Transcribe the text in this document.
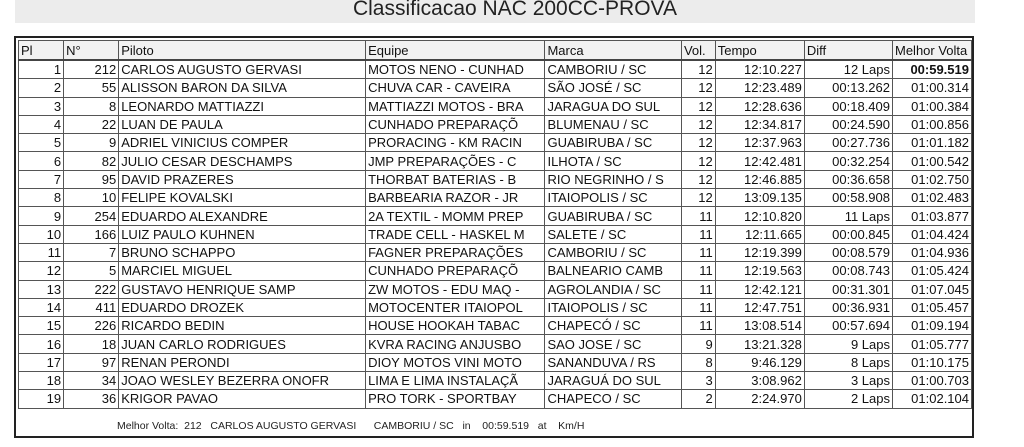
Classificacao NAC 200CC-PROVA
Pl	N°	Piloto	Equipe	Marca	Vol.	Tempo	Diff	Melhor Volta
1	212	CARLOS AUGUSTO GERVASI	MOTOS NENO - CUNHAD	CAMBORIU / SC	12	12:10.227	12 Laps	00:59.519
2	55	ALISSON BARON DA SILVA	CHUVA CAR - CAVEIRA	SÃO JOSÉ / SC	12	12:23.489	00:13.262	01:00.314
3	8	LEONARDO MATTIAZZI	MATTIAZZI MOTOS - BRA	JARAGUA DO SUL	12	12:28.636	00:18.409	01:00.384
4	22	LUAN DE PAULA	CUNHADO PREPARAÇÕ	BLUMENAU / SC	12	12:34.817	00:24.590	01:00.856
5	9	ADRIEL VINICIUS COMPER	PRORACING - KM RACIN	GUABIRUBA / SC	12	12:37.963	00:27.736	01:01.182
6	82	JULIO CESAR DESCHAMPS	JMP PREPARAÇÕES - C	ILHOTA / SC	12	12:42.481	00:32.254	01:00.542
7	95	DAVID PRAZERES	THORBAT BATERIAS - B	RIO NEGRINHO / S	12	12:46.885	00:36.658	01:02.750
8	10	FELIPE KOVALSKI	BARBEARIA RAZOR - JR	ITAIOPOLIS / SC	12	13:09.135	00:58.908	01:02.483
9	254	EDUARDO ALEXANDRE	2A TEXTIL - MOMM PREP	GUABIRUBA / SC	11	12:10.820	11 Laps	01:03.877
10	166	LUIZ PAULO KUHNEN	TRADE CELL - HASKEL M	SALETE / SC	11	12:11.665	00:00.845	01:04.424
11	7	BRUNO SCHAPPO	FAGNER PREPARAÇÕES	CAMBORIU / SC	11	12:19.399	00:08.579	01:04.936
12	5	MARCIEL MIGUEL	CUNHADO PREPARAÇÕ	BALNEARIO CAMB	11	12:19.563	00:08.743	01:05.424
13	222	GUSTAVO HENRIQUE SAMP	ZW MOTOS - EDU MAQ -	AGROLANDIA / SC	11	12:42.121	00:31.301	01:07.045
14	411	EDUARDO DROZEK	MOTOCENTER ITAIOPOL	ITAIOPOLIS / SC	11	12:47.751	00:36.931	01:05.457
15	226	RICARDO BEDIN	HOUSE HOOKAH TABAC	CHAPECÓ / SC	11	13:08.514	00:57.694	01:09.194
16	18	JUAN CARLO RODRIGUES	KVRA RACING ANJUSBO	SAO JOSE / SC	9	13:21.328	9 Laps	01:05.777
17	97	RENAN PERONDI	DIOY MOTOS VINI MOTO	SANANDUVA / RS	8	9:46.129	8 Laps	01:10.175
18	34	JOAO WESLEY BEZERRA ONOFR	LIMA E LIMA INSTALAÇÃ	JARAGUÁ DO SUL	3	3:08.962	3 Laps	01:00.703
19	36	KRIGOR PAVAO	PRO TORK - SPORTBAY	CHAPECO / SC	2	2:24.970	2 Laps	01:02.104
Melhor Volta:  212   CARLOS AUGUSTO GERVASI      CAMBORIU / SC   in    00:59.519   at    Km/H
